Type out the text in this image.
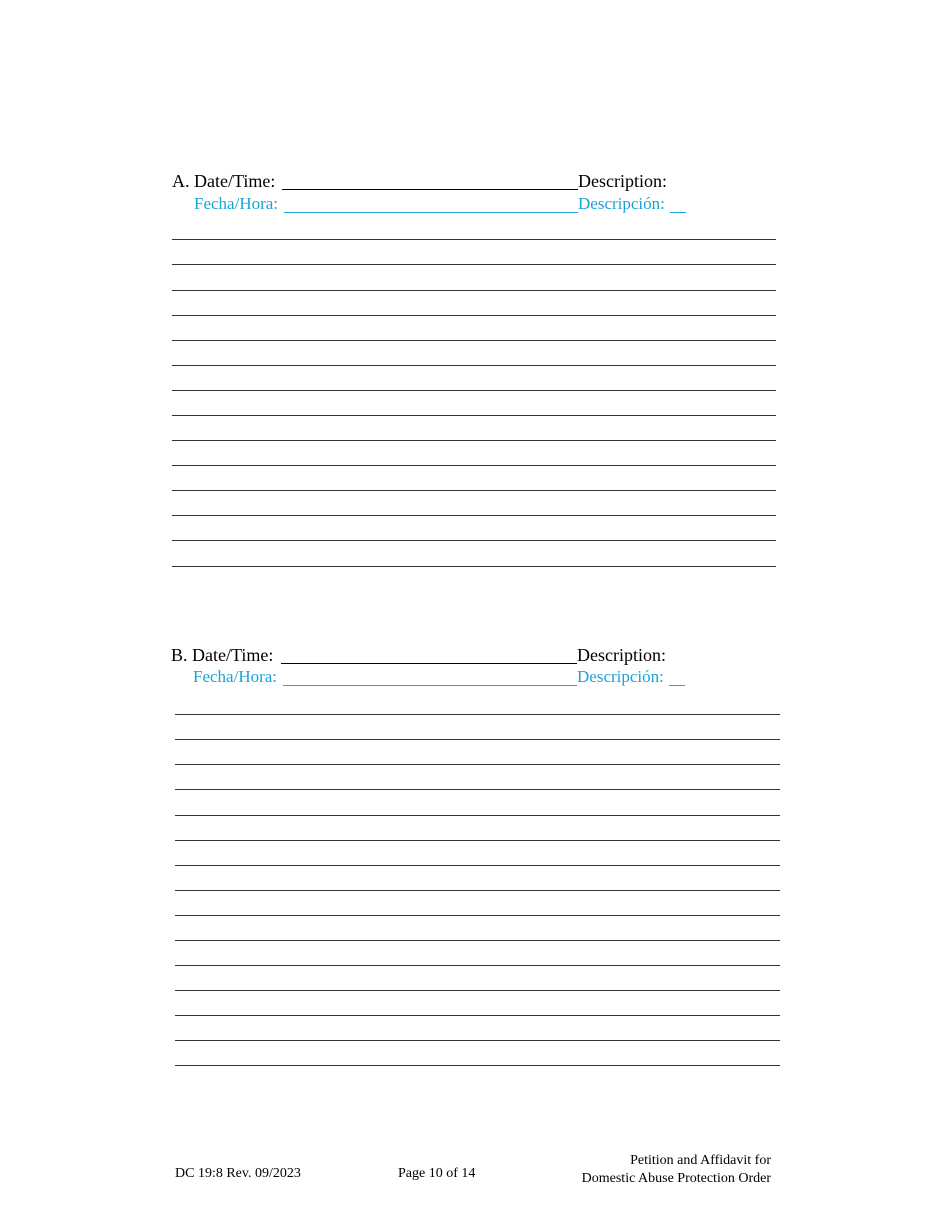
A. Date/Time:	Description:
Fecha/Hora:	Descripción:
B. Date/Time:	Description:
Fecha/Hora:	Descripción:
DC 19:8 Rev. 09/2023	Page 10 of 14
Petition and Affidavit for
Domestic Abuse Protection Order
